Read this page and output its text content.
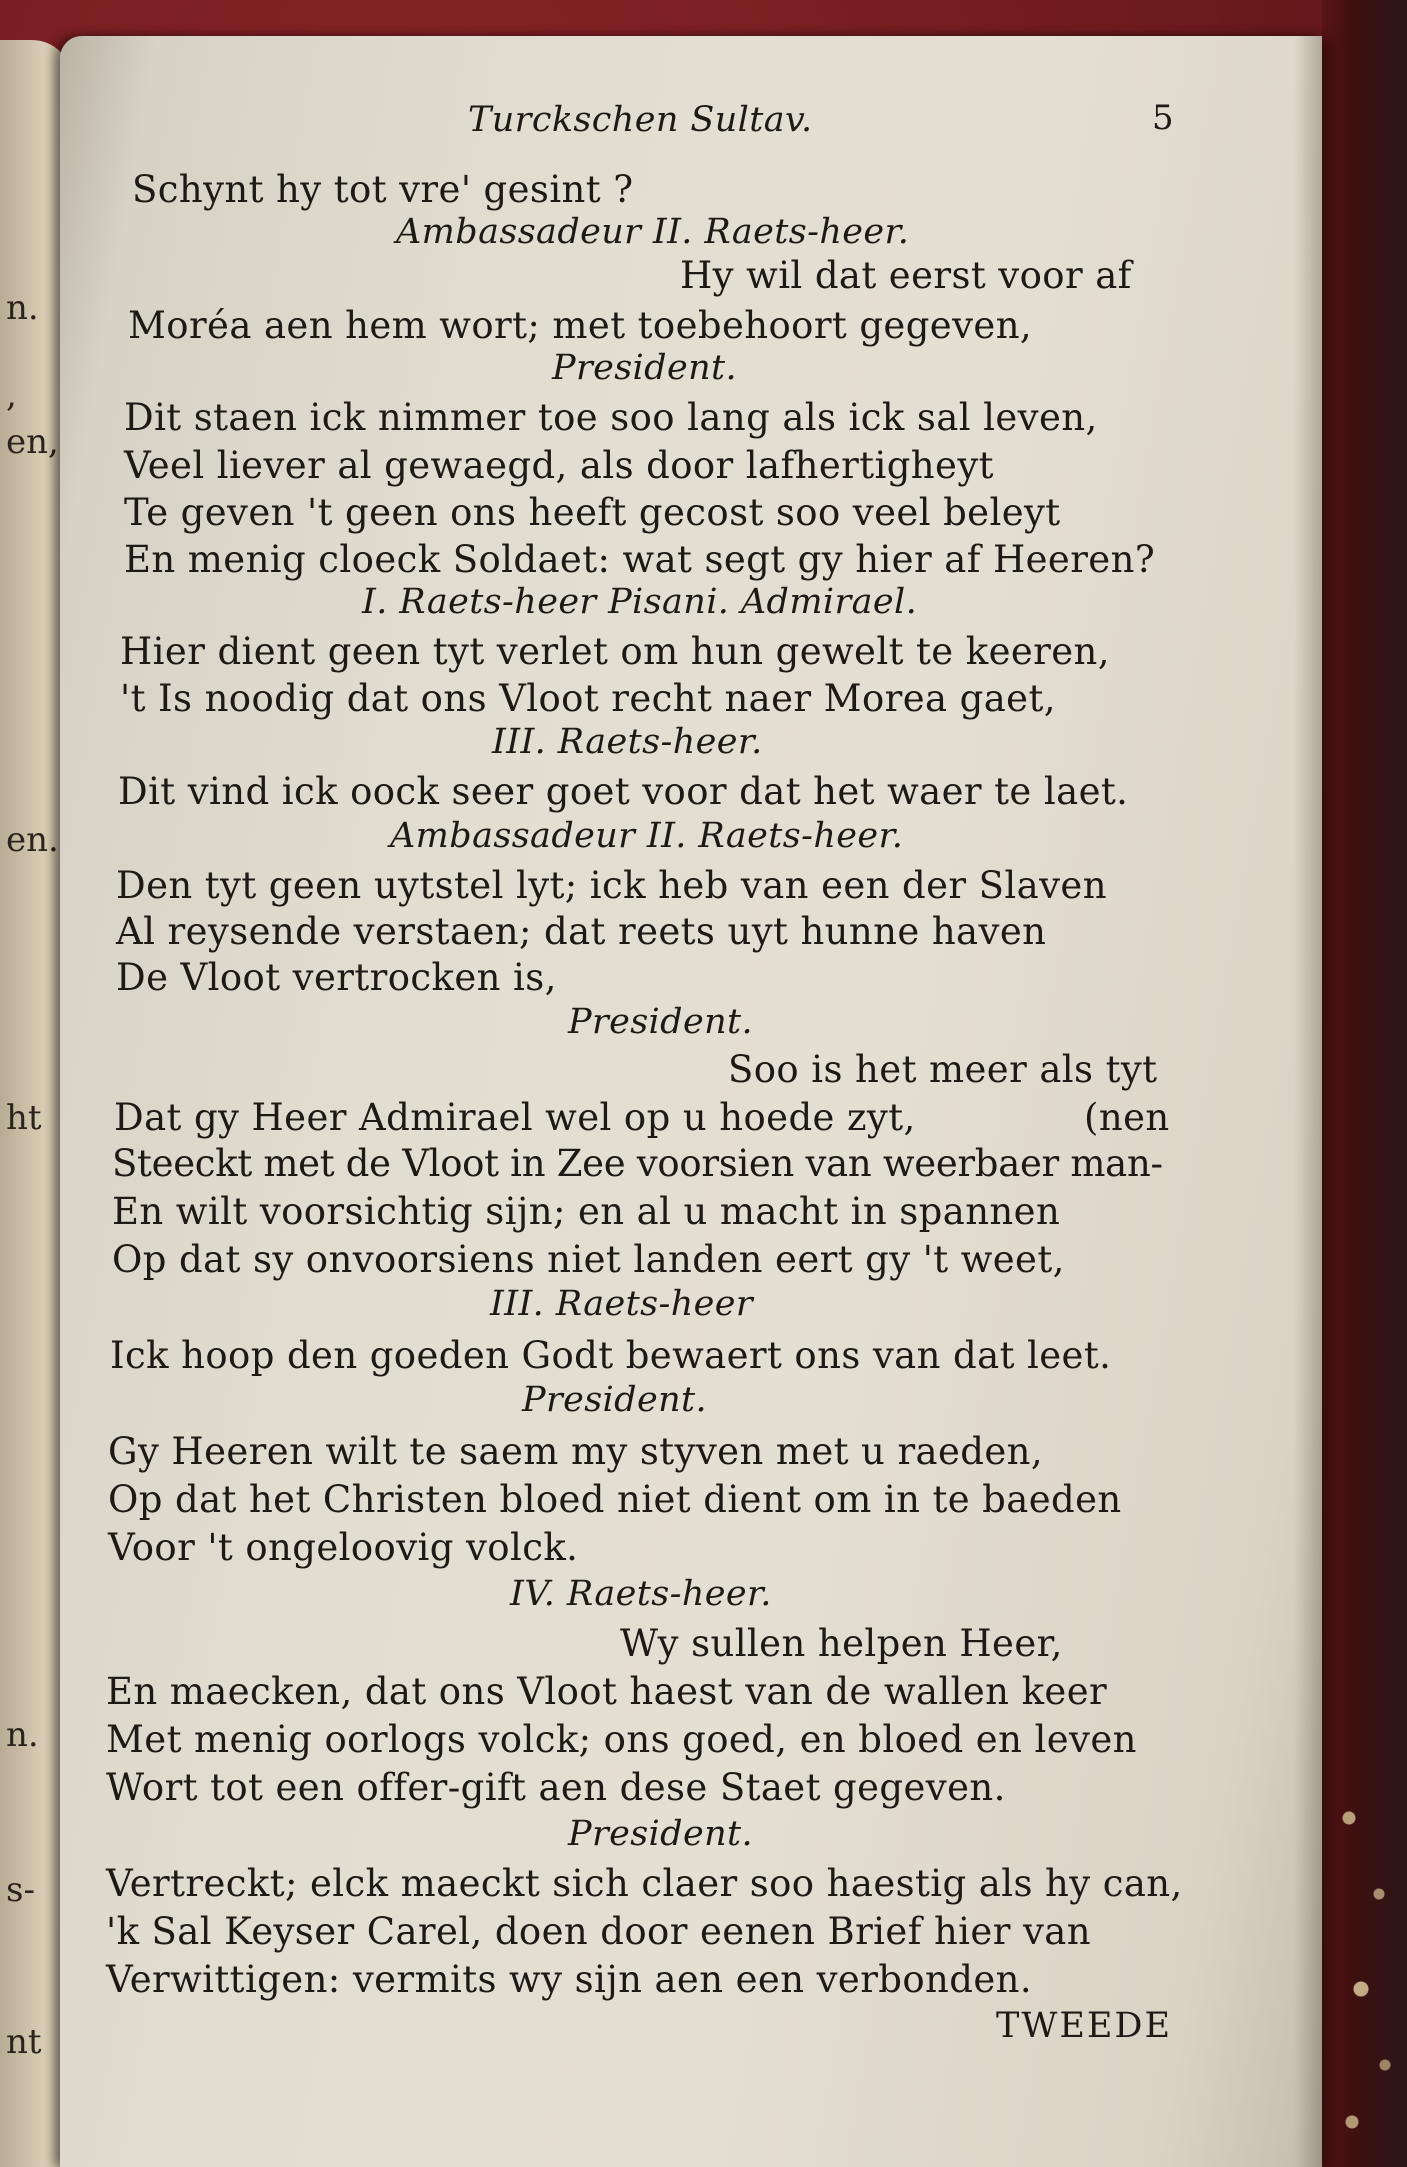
n.
,
en,
en.
ht
n.
s-
nt
Turckschen Sultav.	5
Schynt hy tot vre' gesint ?
Ambassadeur II. Raets-heer.
Hy wil dat eerst voor af
Moréa aen hem wort; met toebehoort gegeven,
President.
Dit staen ick nimmer toe soo lang als ick sal leven,
Veel liever al gewaegd, als door lafhertigheyt
Te geven 't geen ons heeft gecost soo veel beleyt
En menig cloeck Soldaet: wat segt gy hier af Heeren?
I. Raets-heer Pisani. Admirael.
Hier dient geen tyt verlet om hun gewelt te keeren,
't Is noodig dat ons Vloot recht naer Morea gaet,
III. Raets-heer.
Dit vind ick oock seer goet voor dat het waer te laet.
Ambassadeur II. Raets-heer.
Den tyt geen uytstel lyt; ick heb van een der Slaven
Al reysende verstaen; dat reets uyt hunne haven
De Vloot vertrocken is,
President.
Soo is het meer als tyt
Dat gy Heer Admirael wel op u hoede zyt,	(nen
Steeckt met de Vloot in Zee voorsien van weerbaer man-
En wilt voorsichtig sijn; en al u macht in spannen
Op dat sy onvoorsiens niet landen eert gy 't weet,
III. Raets-heer
Ick hoop den goeden Godt bewaert ons van dat leet.
President.
Gy Heeren wilt te saem my styven met u raeden,
Op dat het Christen bloed niet dient om in te baeden
Voor 't ongeloovig volck.
IV. Raets-heer.
Wy sullen helpen Heer,
En maecken, dat ons Vloot haest van de wallen keer
Met menig oorlogs volck; ons goed, en bloed en leven
Wort tot een offer-gift aen dese Staet gegeven.
President.
Vertreckt; elck maeckt sich claer soo haestig als hy can,
'k Sal Keyser Carel, doen door eenen Brief hier van
Verwittigen: vermits wy sijn aen een verbonden.
TWEEDE
